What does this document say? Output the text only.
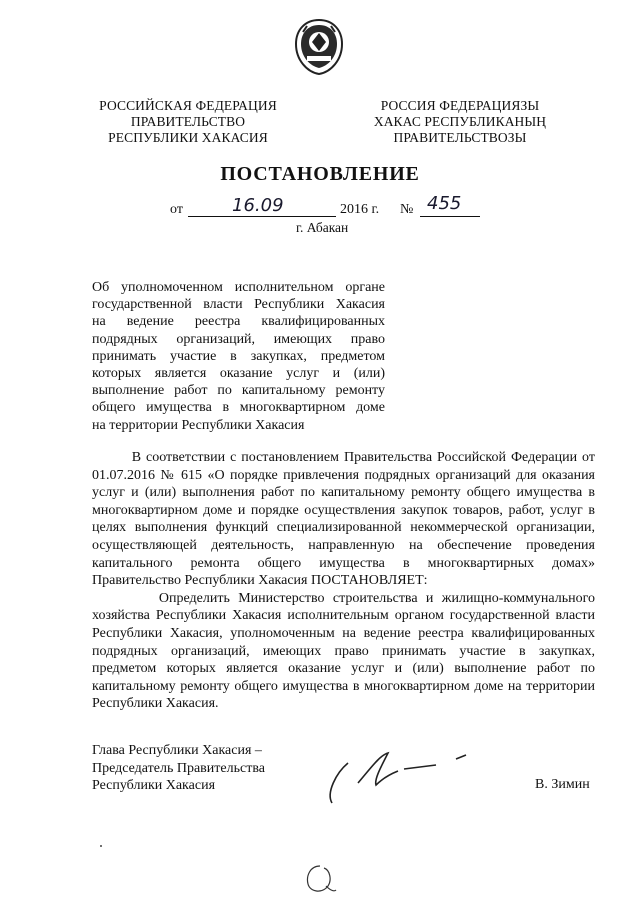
РОССИЙСКАЯ ФЕДЕРАЦИЯ
ПРАВИТЕЛЬСТВО
РЕСПУБЛИКИ ХАКАСИЯ
РОССИЯ ФЕДЕРАЦИЯЗЫ
ХАКАС РЕСПУБЛИКАНЫҢ
ПРАВИТЕЛЬСТВОЗЫ
ПОСТАНОВЛЕНИЕ
от	16.09	2016 г. № 455
г. Абакан
Об уполномоченном исполнительном органе
государственной власти Республики Хакасия
на ведение реестра квалифицированных
подрядных организаций, имеющих право
принимать участие в закупках, предметом
которых является оказание услуг и (или)
выполнение работ по капитальному ремонту
общего имущества в многоквартирном доме
на территории Республики Хакасия
В соответствии с постановлением Правительства Российской Федерации от
01.07.2016 № 615 «О порядке привлечения подрядных организаций для оказания
услуг и (или) выполнения работ по капитальному ремонту общего имущества в
многоквартирном доме и порядке осуществления закупок товаров, работ, услуг в
целях выполнения функций специализированной некоммерческой организации,
осуществляющей деятельность, направленную на обеспечение проведения
капитального ремонта общего имущества в многоквартирных домах»
Правительство Республики Хакасия ПОСТАНОВЛЯЕТ:
Определить Министерство строительства и жилищно-коммунального
хозяйства Республики Хакасия исполнительным органом государственной власти
Республики Хакасия, уполномоченным на ведение реестра квалифицированных
подрядных организаций, имеющих право принимать участие в закупках,
предметом которых является оказание услуг и (или) выполнение работ по
капитальному ремонту общего имущества в многоквартирном доме на территории
Республики Хакасия.
Глава Республики Хакасия –
Председатель Правительства
Республики Хакасия	В. Зимин
